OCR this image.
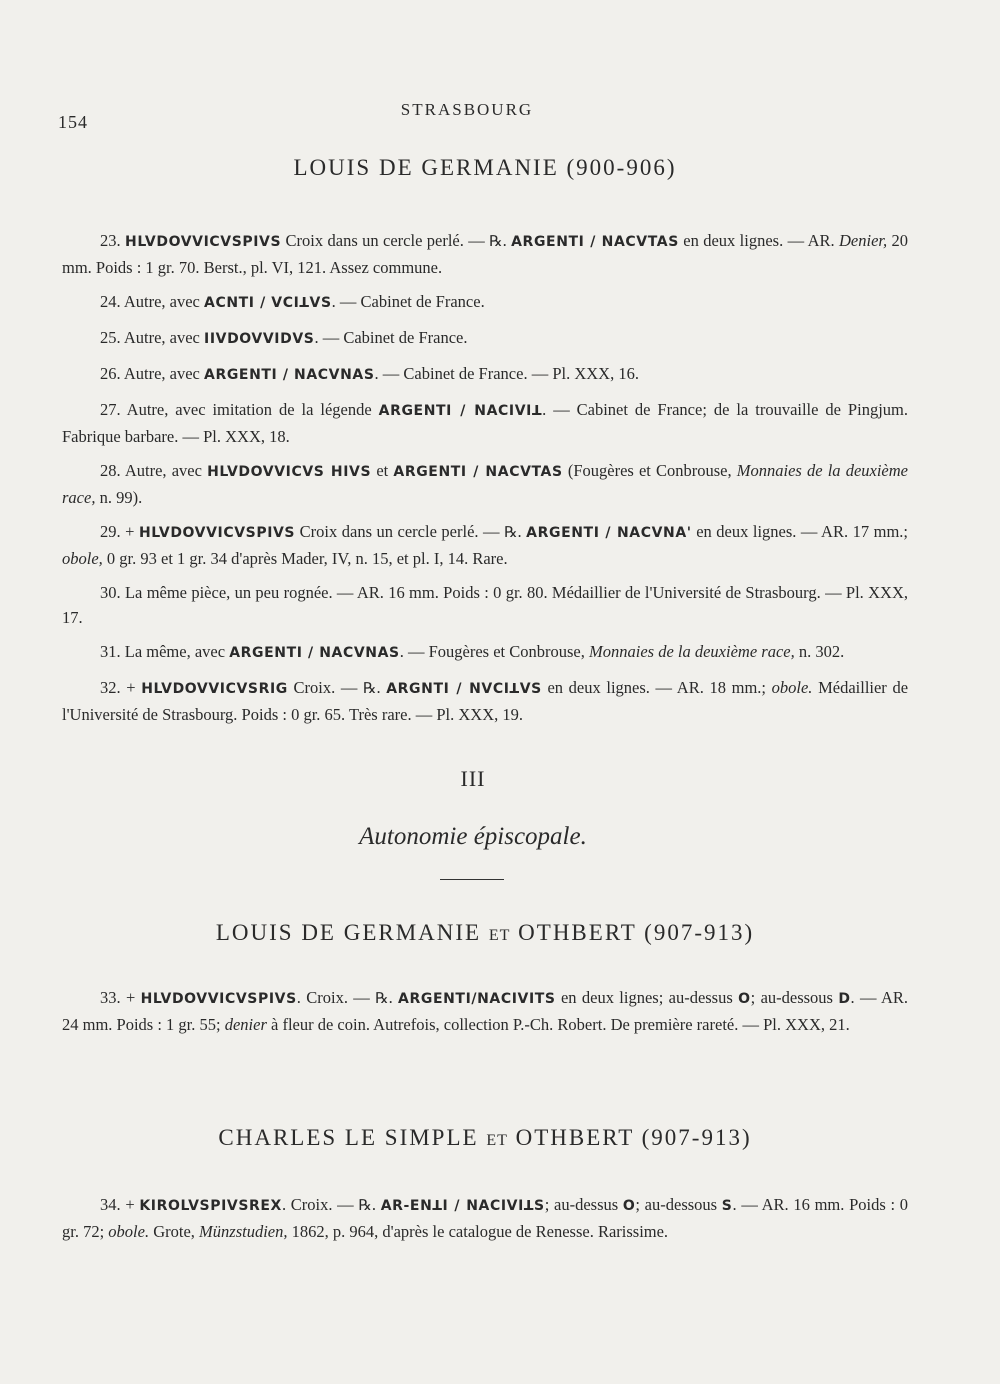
154
STRASBOURG
LOUIS DE GERMANIE (900-906)

23. HLVDOVVICVSPIVS Croix dans un cercle perlé. — ℞. ARGENTI / NACVTAS en deux lignes. — AR. Denier, 20 mm. Poids : 1 gr. 70. Berst., pl. VI, 121. Assez commune.

24. Autre, avec ACNTI / VCIꓕVS. — Cabinet de France.

25. Autre, avec IIVDOVVIDVS. — Cabinet de France.

26. Autre, avec ARGENTI / NACVNAS. — Cabinet de France. — Pl. XXX, 16.

27. Autre, avec imitation de la légende ARGENTI / NACIVIꓕ. — Cabinet de France; de la trouvaille de Pingjum. Fabrique barbare. — Pl. XXX, 18.

28. Autre, avec HLVDOVVICVS HIVS et ARGENTI / NACVTAS (Fougères et Conbrouse, Monnaies de la deuxième race, n. 99).

29. + HLVDOVVICVSPIVS Croix dans un cercle perlé. — ℞. ARGENTI / NACVNA' en deux lignes. — AR. 17 mm.; obole, 0 gr. 93 et 1 gr. 34 d'après Mader, IV, n. 15, et pl. I, 14. Rare.

30. La même pièce, un peu rognée. — AR. 16 mm. Poids : 0 gr. 80. Médaillier de l'Université de Strasbourg. — Pl. XXX, 17.

31. La même, avec ARGENTI / NACVNAS. — Fougères et Conbrouse, Monnaies de la deuxième race, n. 302.

32. + HLVDOVVICVSRIG Croix. — ℞. ARGNTI / NVCIꓕVS en deux lignes. — AR. 18 mm.; obole. Médaillier de l'Université de Strasbourg. Poids : 0 gr. 65. Très rare. — Pl. XXX, 19.

III
Autonomie épiscopale.
LOUIS DE GERMANIE ET OTHBERT (907-913)

33. + HLVDOVVICVSPIVS. Croix. — ℞. ARGENTI/NACIVITS en deux lignes; au-dessus O; au-dessous D. — AR. 24 mm. Poids : 1 gr. 55; denier à fleur de coin. Autrefois, collection P.-Ch. Robert. De première rareté. — Pl. XXX, 21.

CHARLES LE SIMPLE ET OTHBERT (907-913)

34. + KIROLVSPIVSREX. Croix. — ℞. AR-ENꓕI / NACIVIꓕS; au-dessus O; au-dessous S. — AR. 16 mm. Poids : 0 gr. 72; obole. Grote, Münzstudien, 1862, p. 964, d'après le catalogue de Renesse. Rarissime.
